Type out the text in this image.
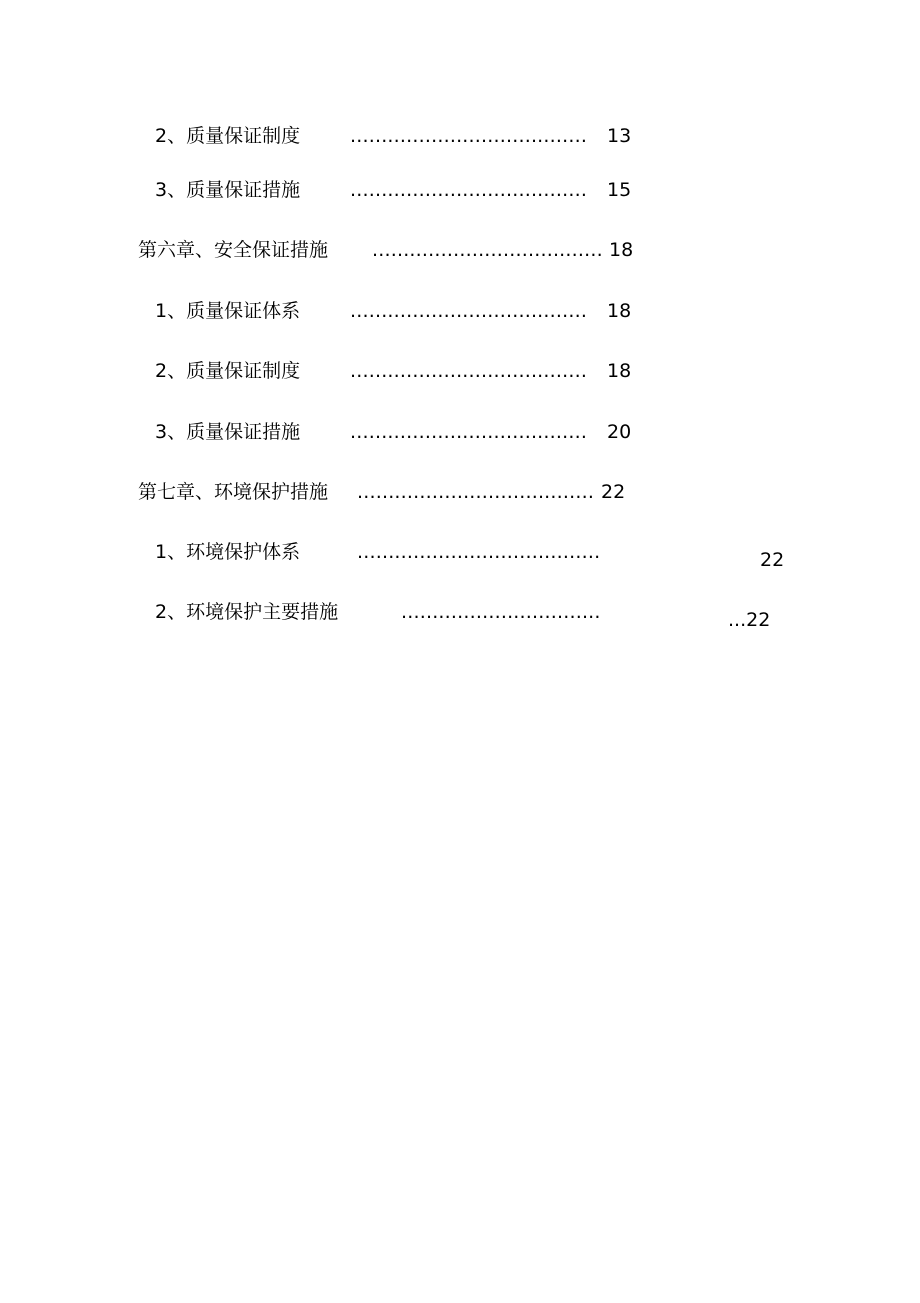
2、质量保证制度	...................................... 13
3、质量保证措施	...................................... 15
第六章、安全保证措施 ..................................... 18
1、质量保证体系	...................................... 18
2、质量保证制度	...................................... 18
3、质量保证措施	...................................... 20
第七章、环境保护措施 ...................................... 22
1、环境保护体系	.......................................	22
2、环境保护主要措施	................................	...22
